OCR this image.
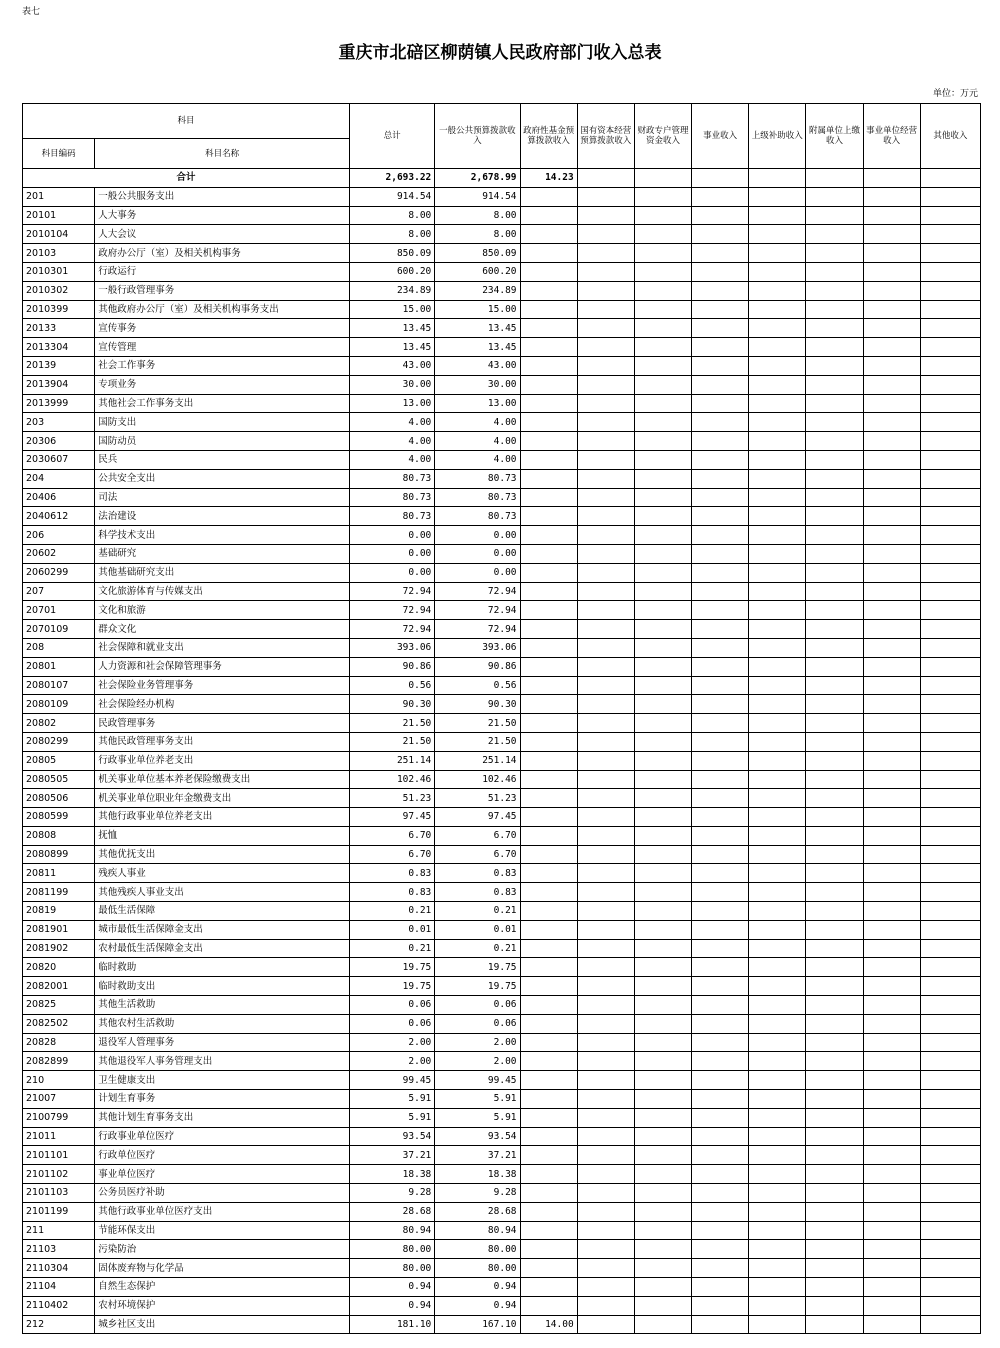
表七
重庆市北碚区柳荫镇人民政府部门收入总表
单位：万元
科目		总计	一般公共预算拨款收入	政府性基金预算拨款收入	国有资本经营预算拨款收入	财政专户管理资金收入	事业收入	上级补助收入	附属单位上缴收入	事业单位经营收入	其他收入
科目编码	科目名称										
合计		2,693.22	2,678.99	14.23							
201	一般公共服务支出	914.54	914.54								
20101	人大事务	8.00	8.00								
2010104	人大会议	8.00	8.00								
20103	政府办公厅（室）及相关机构事务	850.09	850.09								
2010301	行政运行	600.20	600.20								
2010302	一般行政管理事务	234.89	234.89								
2010399	其他政府办公厅（室）及相关机构事务支出	15.00	15.00								
20133	宣传事务	13.45	13.45								
2013304	宣传管理	13.45	13.45								
20139	社会工作事务	43.00	43.00								
2013904	专项业务	30.00	30.00								
2013999	其他社会工作事务支出	13.00	13.00								
203	国防支出	4.00	4.00								
20306	国防动员	4.00	4.00								
2030607	民兵	4.00	4.00								
204	公共安全支出	80.73	80.73								
20406	司法	80.73	80.73								
2040612	法治建设	80.73	80.73								
206	科学技术支出	0.00	0.00								
20602	基础研究	0.00	0.00								
2060299	其他基础研究支出	0.00	0.00								
207	文化旅游体育与传媒支出	72.94	72.94								
20701	文化和旅游	72.94	72.94								
2070109	群众文化	72.94	72.94								
208	社会保障和就业支出	393.06	393.06								
20801	人力资源和社会保障管理事务	90.86	90.86								
2080107	社会保险业务管理事务	0.56	0.56								
2080109	社会保险经办机构	90.30	90.30								
20802	民政管理事务	21.50	21.50								
2080299	其他民政管理事务支出	21.50	21.50								
20805	行政事业单位养老支出	251.14	251.14								
2080505	机关事业单位基本养老保险缴费支出	102.46	102.46								
2080506	机关事业单位职业年金缴费支出	51.23	51.23								
2080599	其他行政事业单位养老支出	97.45	97.45								
20808	抚恤	6.70	6.70								
2080899	其他优抚支出	6.70	6.70								
20811	残疾人事业	0.83	0.83								
2081199	其他残疾人事业支出	0.83	0.83								
20819	最低生活保障	0.21	0.21								
2081901	城市最低生活保障金支出	0.01	0.01								
2081902	农村最低生活保障金支出	0.21	0.21								
20820	临时救助	19.75	19.75								
2082001	临时救助支出	19.75	19.75								
20825	其他生活救助	0.06	0.06								
2082502	其他农村生活救助	0.06	0.06								
20828	退役军人管理事务	2.00	2.00								
2082899	其他退役军人事务管理支出	2.00	2.00								
210	卫生健康支出	99.45	99.45								
21007	计划生育事务	5.91	5.91								
2100799	其他计划生育事务支出	5.91	5.91								
21011	行政事业单位医疗	93.54	93.54								
2101101	行政单位医疗	37.21	37.21								
2101102	事业单位医疗	18.38	18.38								
2101103	公务员医疗补助	9.28	9.28								
2101199	其他行政事业单位医疗支出	28.68	28.68								
211	节能环保支出	80.94	80.94								
21103	污染防治	80.00	80.00								
2110304	固体废弃物与化学品	80.00	80.00								
21104	自然生态保护	0.94	0.94								
2110402	农村环境保护	0.94	0.94								
212	城乡社区支出	181.10	167.10	14.00							
